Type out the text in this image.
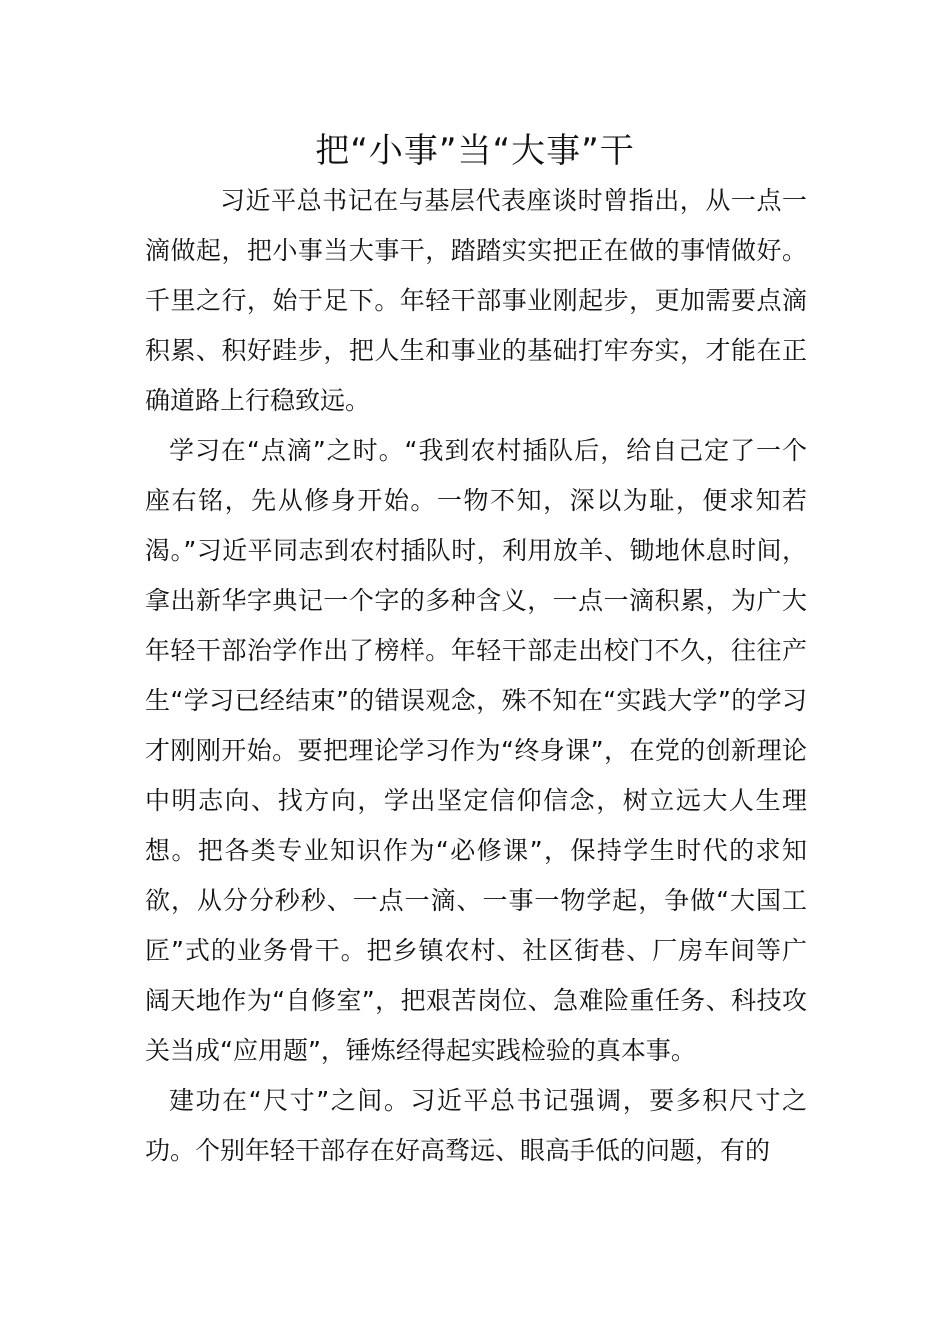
把“小事”当“大事”干

习近平总书记在与基层代表座谈时曾指出，从一点一滴做起，把小事当大事干，踏踏实实把正在做的事情做好。千里之行，始于足下。年轻干部事业刚起步，更加需要点滴积累、积好跬步，把人生和事业的基础打牢夯实，才能在正确道路上行稳致远。

学习在“点滴”之时。“我到农村插队后，给自己定了一个座右铭，先从修身开始。一物不知，深以为耻，便求知若渴。”习近平同志到农村插队时，利用放羊、锄地休息时间，拿出新华字典记一个字的多种含义，一点一滴积累，为广大年轻干部治学作出了榜样。年轻干部走出校门不久，往往产生“学习已经结束”的错误观念，殊不知在“实践大学”的学习才刚刚开始。要把理论学习作为“终身课”，在党的创新理论中明志向、找方向，学出坚定信仰信念，树立远大人生理想。把各类专业知识作为“必修课”，保持学生时代的求知欲，从分分秒秒、一点一滴、一事一物学起，争做“大国工匠”式的业务骨干。把乡镇农村、社区街巷、厂房车间等广阔天地作为“自修室”，把艰苦岗位、急难险重任务、科技攻关当成“应用题”，锤炼经得起实践检验的真本事。

建功在“尺寸”之间。习近平总书记强调，要多积尺寸之功。个别年轻干部存在好高骛远、眼高手低的问题，有的
